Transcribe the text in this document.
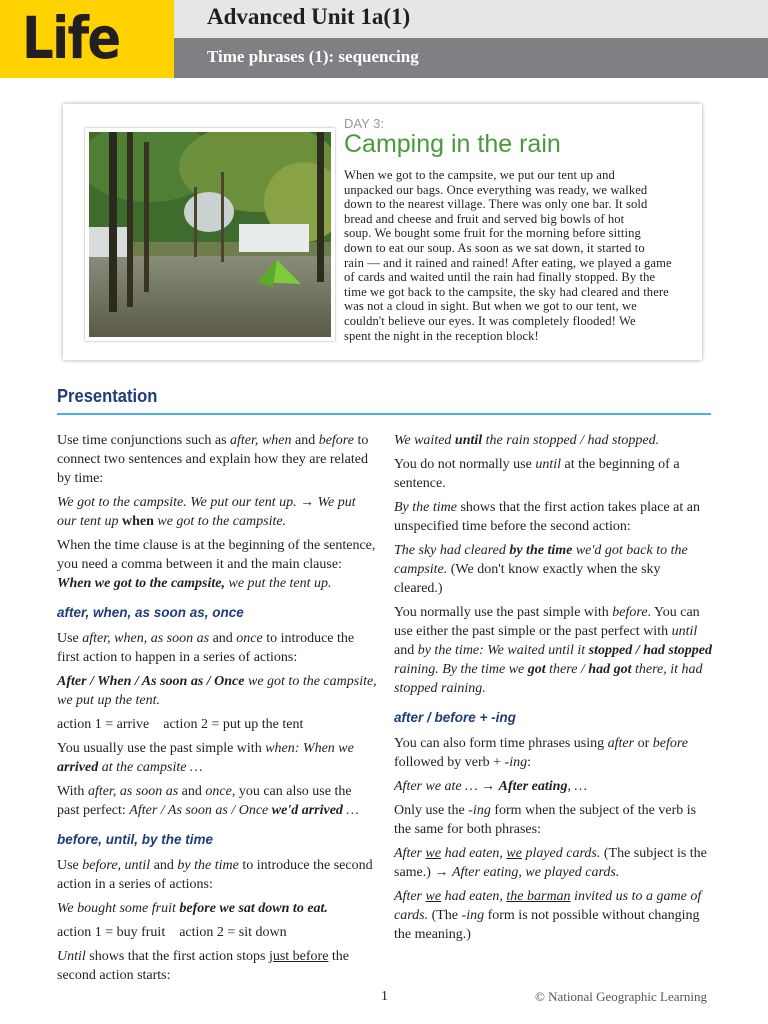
Life	Advanced Unit 1a(1)
Time phrases (1): sequencing
DAY 3:
Camping in the rain
When we got to the campsite, we put our tent up and
unpacked our bags. Once everything was ready, we walked
down to the nearest village. There was only one bar. It sold
bread and cheese and fruit and served big bowls of hot
soup. We bought some fruit for the morning before sitting
down to eat our soup. As soon as we sat down, it started to
rain — and it rained and rained! After eating, we played a game
of cards and waited until the rain had finally stopped. By the
time we got back to the campsite, the sky had cleared and there
was not a cloud in sight. But when we got to our tent, we
couldn't believe our eyes. It was completely flooded! We
spent the night in the reception block!
Presentation

Use time conjunctions such as after, when and before to connect two sentences and explain how they are related by time:

We got to the campsite. We put our tent up. → We put our tent up when we got to the campsite.

When the time clause is at the beginning of the sentence, you need a comma between it and the main clause: When we got to the campsite, we put the tent up.

after, when, as soon as, once

Use after, when, as soon as and once to introduce the first action to happen in a series of actions:

After / When / As soon as / Once we got to the campsite, we put up the tent.

action 1 = arrive    action 2 = put up the tent

You usually use the past simple with when: When we arrived at the campsite …

With after, as soon as and once, you can also use the past perfect: After / As soon as / Once we'd arrived …

before, until, by the time

Use before, until and by the time to introduce the second action in a series of actions:

We bought some fruit before we sat down to eat.

action 1 = buy fruit    action 2 = sit down

Until shows that the first action stops just before the second action starts:

We waited until the rain stopped / had stopped.

You do not normally use until at the beginning of a sentence.

By the time shows that the first action takes place at an unspecified time before the second action:

The sky had cleared by the time we'd got back to the campsite. (We don't know exactly when the sky cleared.)

You normally use the past simple with before. You can use either the past simple or the past perfect with until and by the time: We waited until it stopped / had stopped raining. By the time we got there / had got there, it had stopped raining.

after / before + -ing

You can also form time phrases using after or before followed by verb + -ing:

After we ate … → After eating, …

Only use the -ing form when the subject of the verb is the same for both phrases:

After we had eaten, we played cards. (The subject is the same.) → After eating, we played cards.

After we had eaten, the barman invited us to a game of cards. (The -ing form is not possible without changing the meaning.)

1	© National Geographic Learning
